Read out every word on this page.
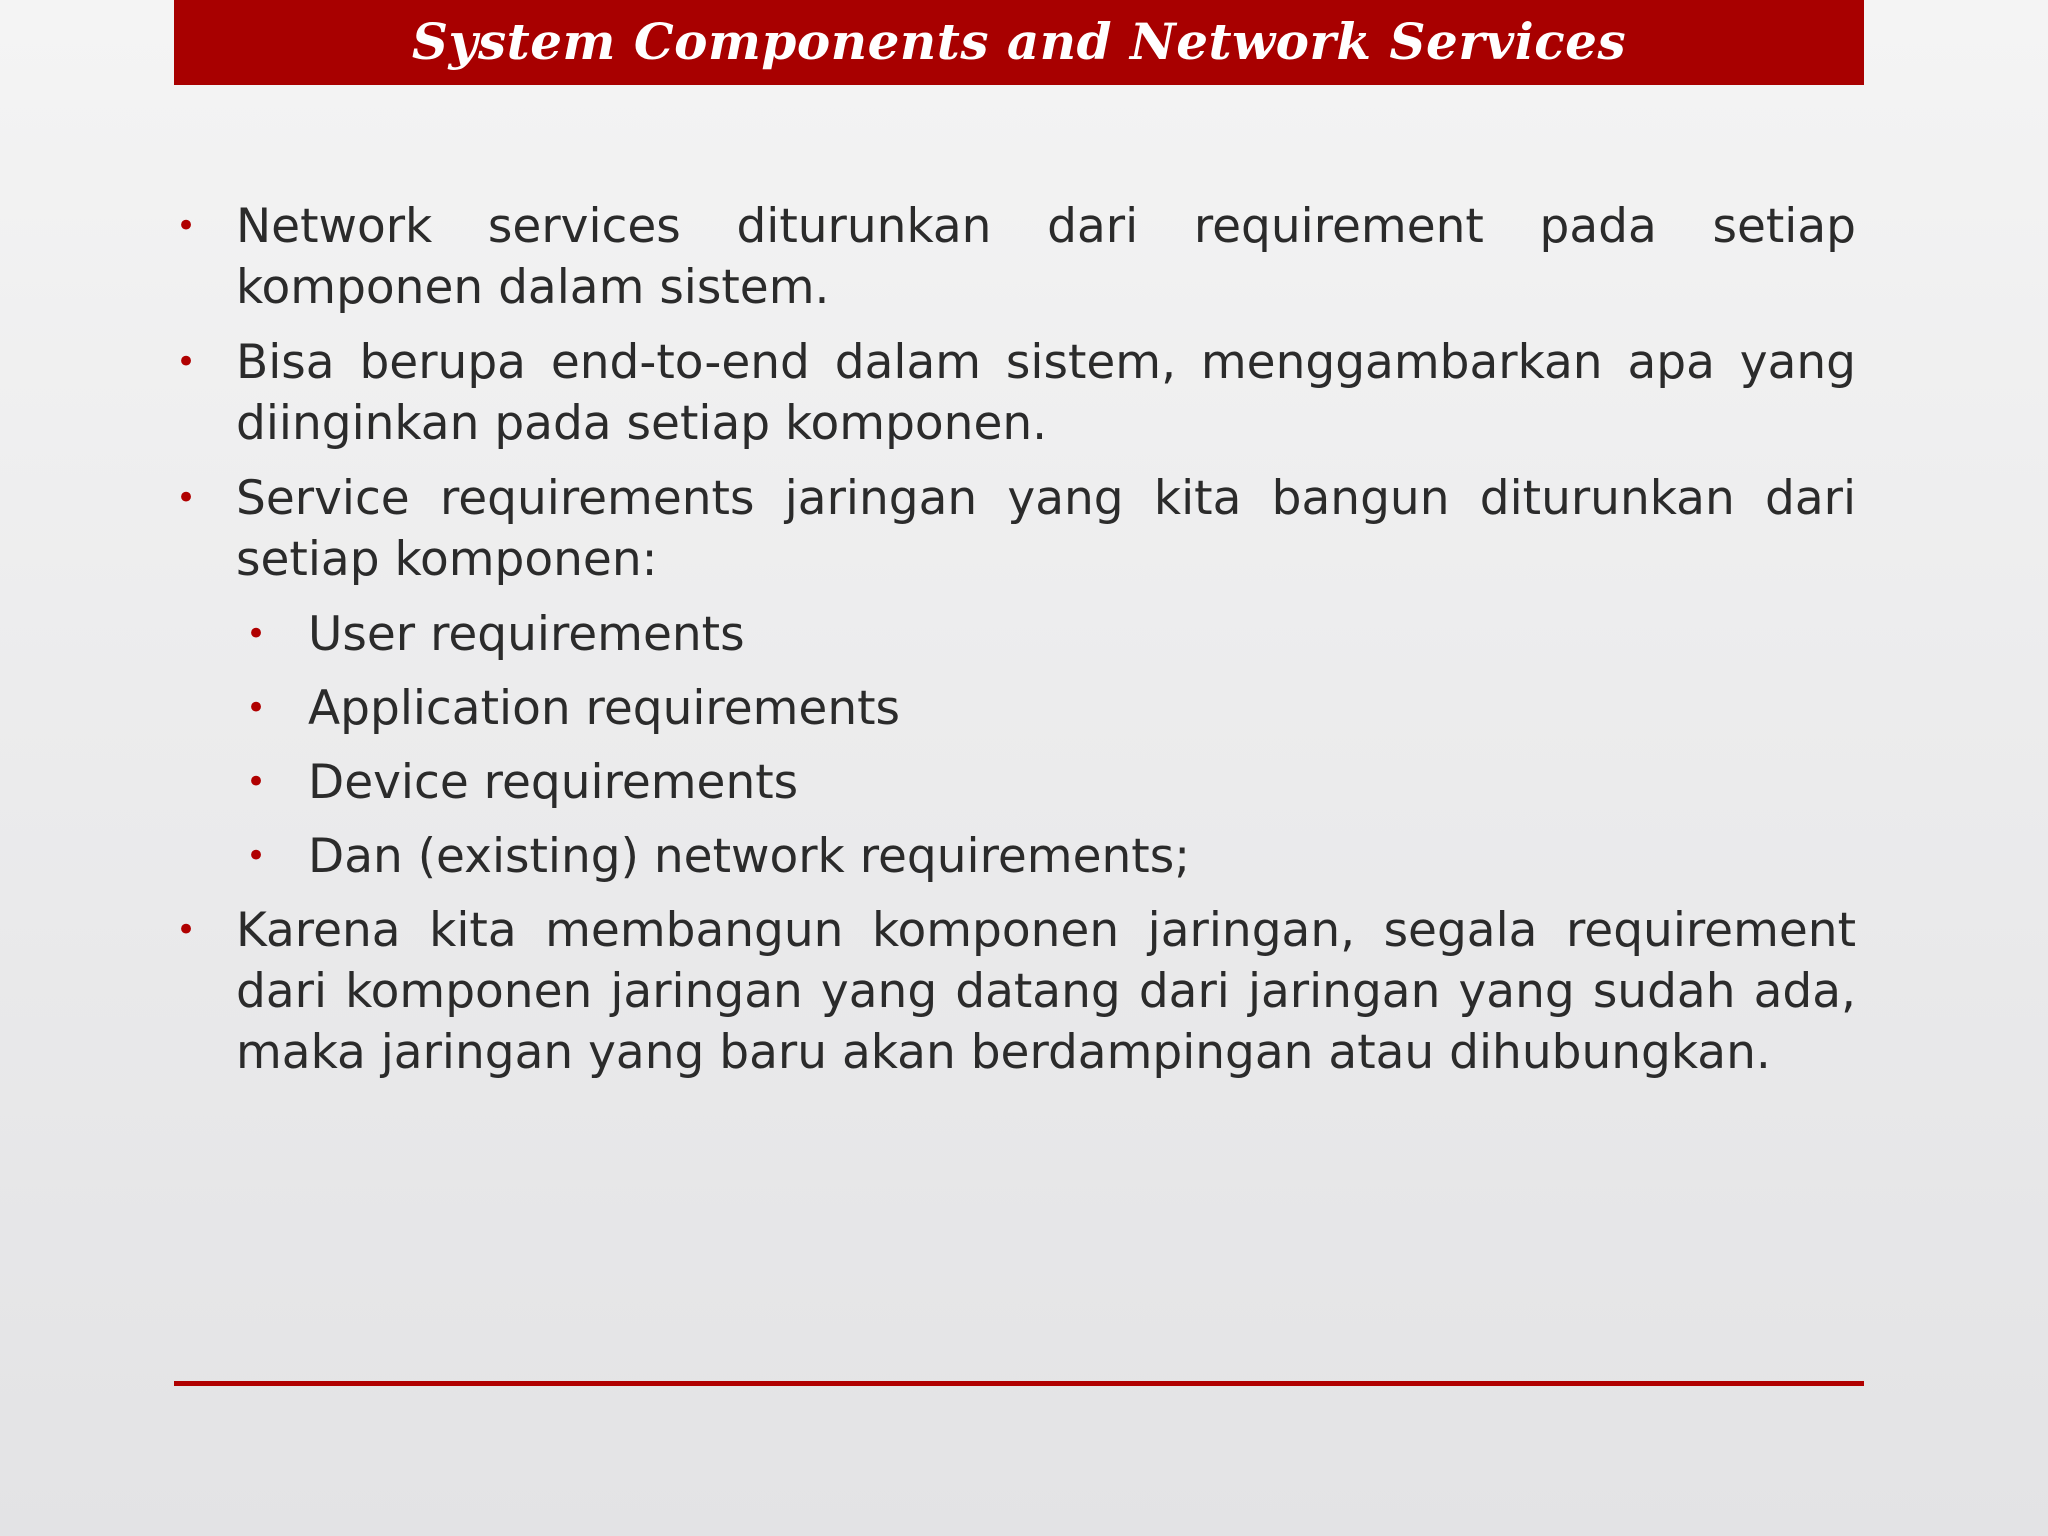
System Components and Network Services
• Network services diturunkan dari requirement pada setiap komponen dalam sistem.
• Bisa berupa end-to-end dalam sistem, menggambarkan apa yang diinginkan pada setiap komponen.
• Service requirements jaringan yang kita bangun diturunkan dari setiap komponen:
• User requirements
• Application requirements
• Device requirements
• Dan (existing) network requirements;
• Karena kita membangun komponen jaringan, segala requirement dari komponen jaringan yang datang dari jaringan yang sudah ada, maka jaringan yang baru akan berdampingan atau dihubungkan.
